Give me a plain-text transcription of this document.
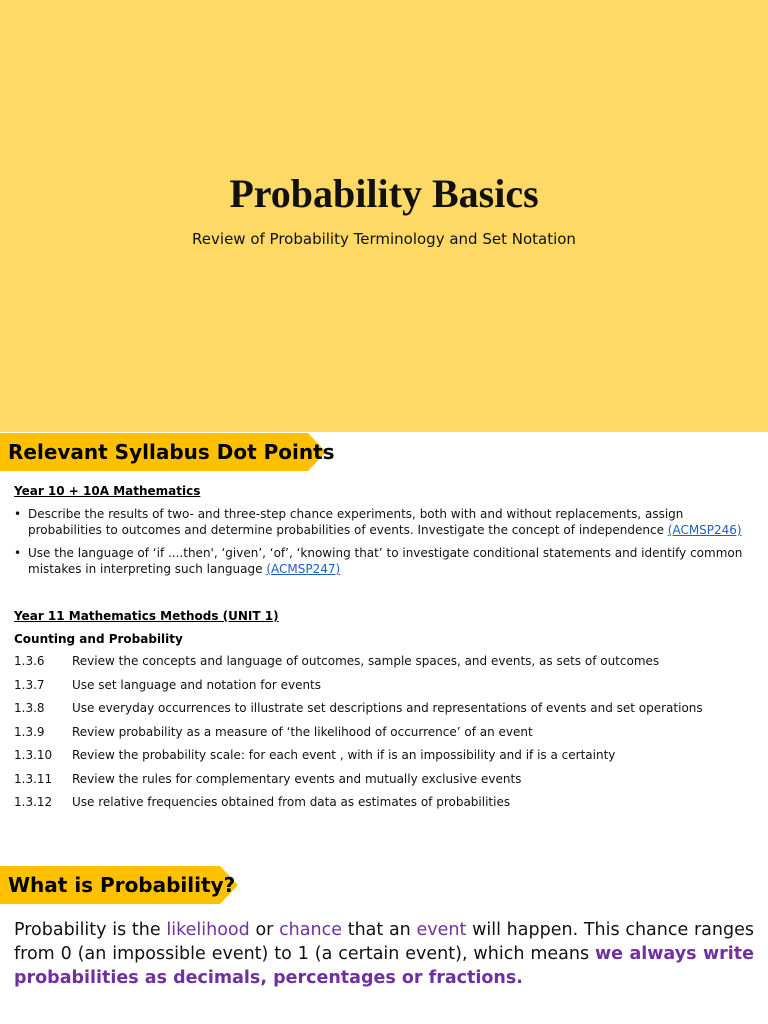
Probability Basics
Review of Probability Terminology and Set Notation
Relevant Syllabus Dot Points
Year 10 + 10A Mathematics
• Describe the results of two- and three-step chance experiments, both with and without replacements, assign probabilities to outcomes and determine probabilities of events. Investigate the concept of independence (ACMSP246)
• Use the language of ‘if ....then', ‘given’, ‘of’, ‘knowing that’ to investigate conditional statements and identify common mistakes in interpreting such language (ACMSP247)
Year 11 Mathematics Methods (UNIT 1)
Counting and Probability
1.3.6 Review the concepts and language of outcomes, sample spaces, and events, as sets of outcomes
1.3.7 Use set language and notation for events
1.3.8 Use everyday occurrences to illustrate set descriptions and representations of events and set operations
1.3.9 Review probability as a measure of ‘the likelihood of occurrence’ of an event
1.3.10 Review the probability scale: for each event , with if is an impossibility and if is a certainty
1.3.11 Review the rules for complementary events and mutually exclusive events
1.3.12 Use relative frequencies obtained from data as estimates of probabilities
What is Probability?
Probability is the likelihood or chance that an event will happen. This chance ranges from 0 (an impossible event) to 1 (a certain event), which means we always write probabilities as decimals, percentages or fractions.
